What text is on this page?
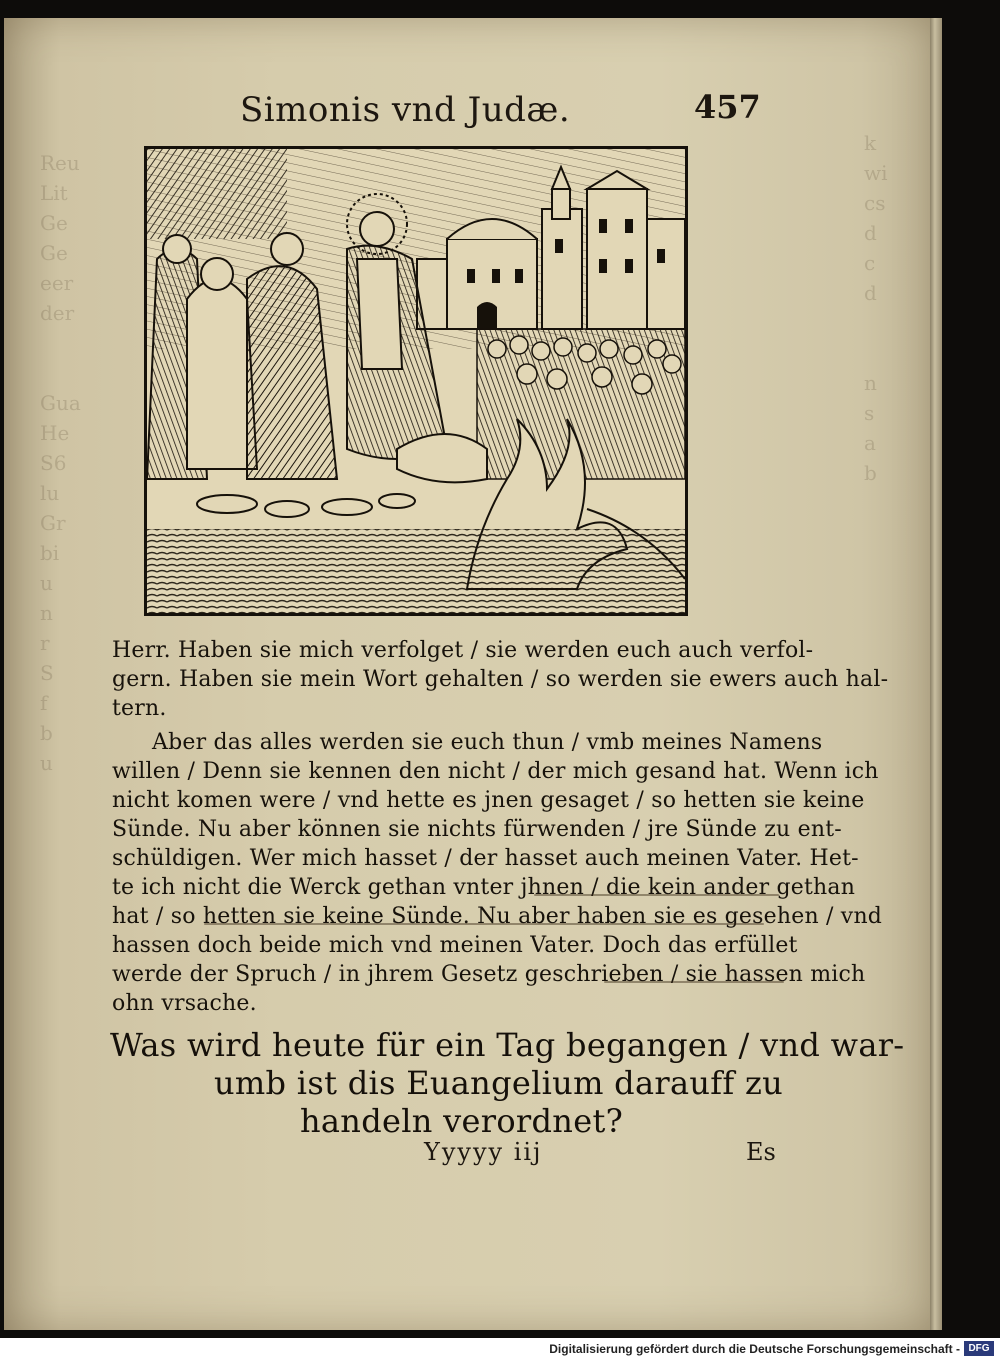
Reu
Lit
Ge
Ge
eer
der

Gua
He
S6
lu
Gr
bi
u
n
r
S
f
b
u
k
wi
cs
d
c
d

n
s
a
b
Simonis vnd Judæ.	457
Herr. Haben sie mich verfolget / sie werden euch auch verfol-
gern. Haben sie mein Wort gehalten / so werden sie ewers auch hal-
tern.
Aber das alles werden sie euch thun / vmb meines Namens
willen / Denn sie kennen den nicht / der mich gesand hat. Wenn ich
nicht komen were / vnd hette es jnen gesaget / so hetten sie keine
Sünde. Nu aber können sie nichts fürwenden / jre Sünde zu ent-
schüldigen. Wer mich hasset / der hasset auch meinen Vater. Het-
te ich nicht die Werck gethan vnter jhnen / die kein ander gethan
hat / so hetten sie keine Sünde. Nu aber haben sie es gesehen / vnd
hassen doch beide mich vnd meinen Vater. Doch das erfüllet
werde der Spruch / in jhrem Gesetz geschrieben / sie hassen mich
ohn vrsache.
Was wird heute für ein Tag begangen / vnd war-
umb ist dis Euangelium darauff zu
handeln verordnet?
Yyyyy iij	Es
Digitalisierung gefördert durch die Deutsche Forschungsgemeinschaft - DFG
